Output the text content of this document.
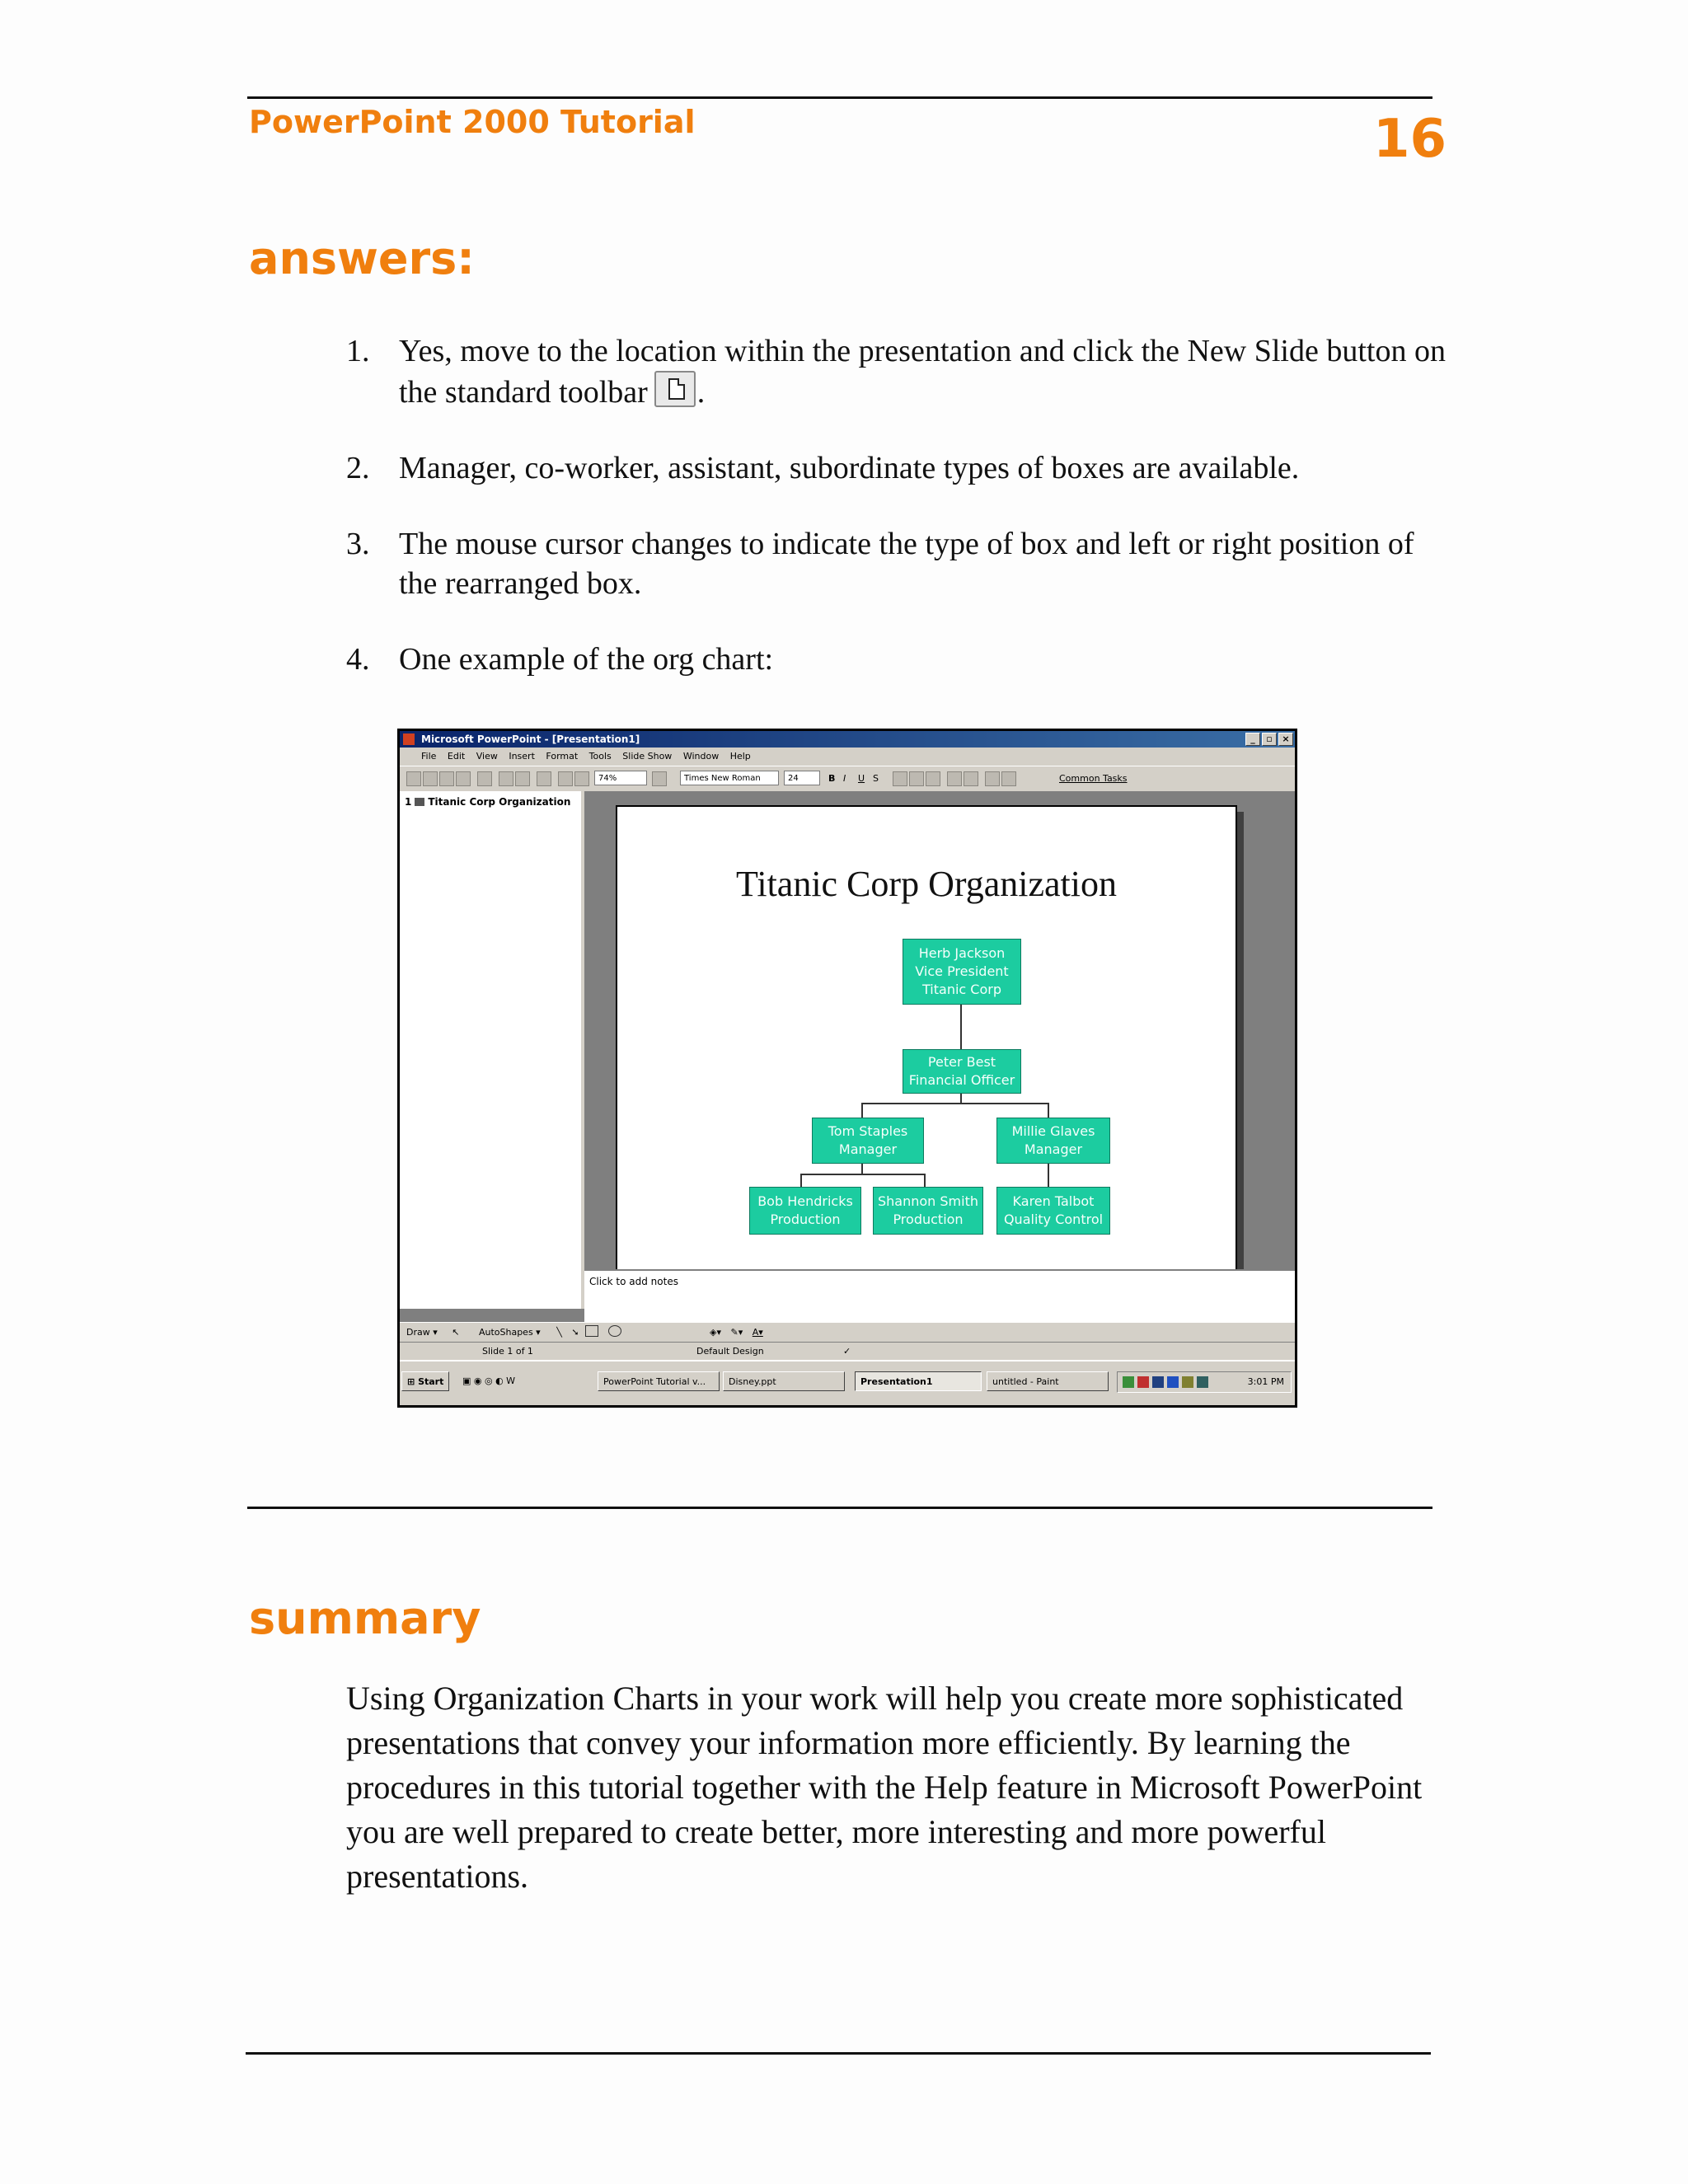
PowerPoint 2000 Tutorial	16
answers:
1. Yes, move to the location within the presentation and click the New Slide button on the standard toolbar .
2. Manager, co-worker, assistant, subordinate types of boxes are available.
3. The mouse cursor changes to indicate the type of box and left or right position of the rearranged box.
4. One example of the org chart:
Microsoft PowerPoint - [Presentation1]	_	▫	×
File Edit View Insert Format Tools Slide Show Window Help
74%	Times New Roman	24	B I U S	Common Tasks
1 Titanic Corp Organization
Titanic Corp Organization
Herb Jackson
Vice President
Titanic Corp
Peter Best
Financial Officer
Tom Staples
Manager
Millie Glaves
Manager
Bob Hendricks
Production
Shannon Smith
Production
Karen Talbot
Quality Control
Click to add notes
Draw ▾ ↖ AutoShapes ▾ ╲ ➘	◈▾ ✎▾ A▾
Slide 1 of 1	Default Design	✓
⊞ Start	▣ ◉ ◎ ◐ W	PowerPoint Tutorial v...	Disney.ppt	Presentation1	untitled - Paint	3:01 PM
summary
Using Organization Charts in your work will help you create more sophisticated presentations that convey your information more efficiently. By learning the procedures in this tutorial together with the Help feature in Microsoft PowerPoint you are well prepared to create better, more interesting and more powerful presentations.
